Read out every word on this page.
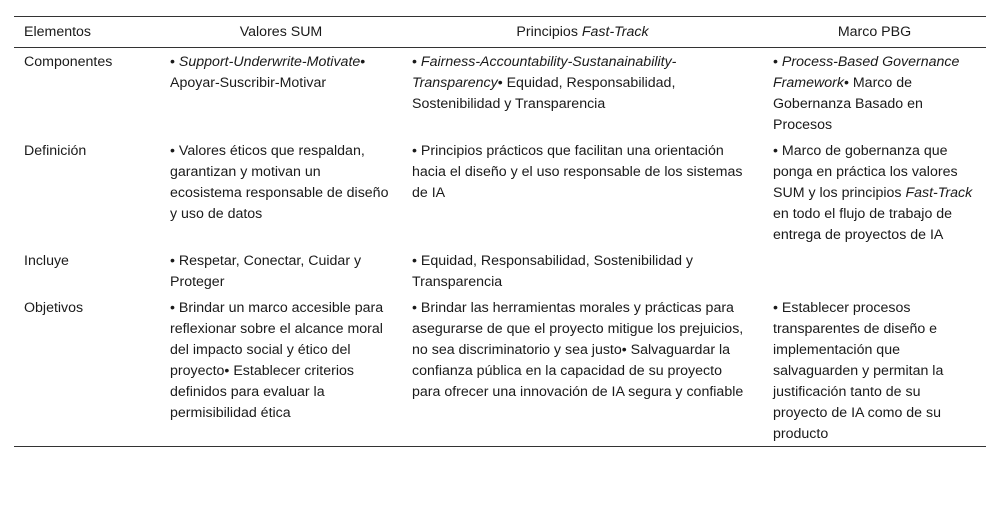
Elementos	Valores SUM	Principios Fast-Track	Marco PBG
Componentes	• Support-Underwrite-Motivate• Apoyar-Suscribir-Motivar	• Fairness-Accountability-Sustanainability-Transparency• Equidad, Responsabilidad, Sostenibilidad y Transparencia	• Process-Based Governance Framework• Marco de Gobernanza Basado en Procesos
Definición	• Valores éticos que respaldan, garantizan y motivan un ecosistema responsable de diseño y uso de datos	• Principios prácticos que facilitan una orientación hacia el diseño y el uso responsable de los sistemas de IA	• Marco de gobernanza que ponga en práctica los valores SUM y los principios Fast-Track en todo el flujo de trabajo de entrega de proyectos de IA
Incluye	• Respetar, Conectar, Cuidar y Proteger	• Equidad, Responsabilidad, Sostenibilidad y Transparencia	
Objetivos	• Brindar un marco accesible para reflexionar sobre el alcance moral del impacto social y ético del proyecto• Establecer criterios definidos para evaluar la permisibilidad ética	• Brindar las herramientas morales y prácticas para asegurarse de que el proyecto mitigue los prejuicios, no sea discriminatorio y sea justo• Salvaguardar la confianza pública en la capacidad de su proyecto para ofrecer una innovación de IA segura y confiable	• Establecer procesos transparentes de diseño e implementación que salvaguarden y permitan la justificación tanto de su proyecto de IA como de su producto
